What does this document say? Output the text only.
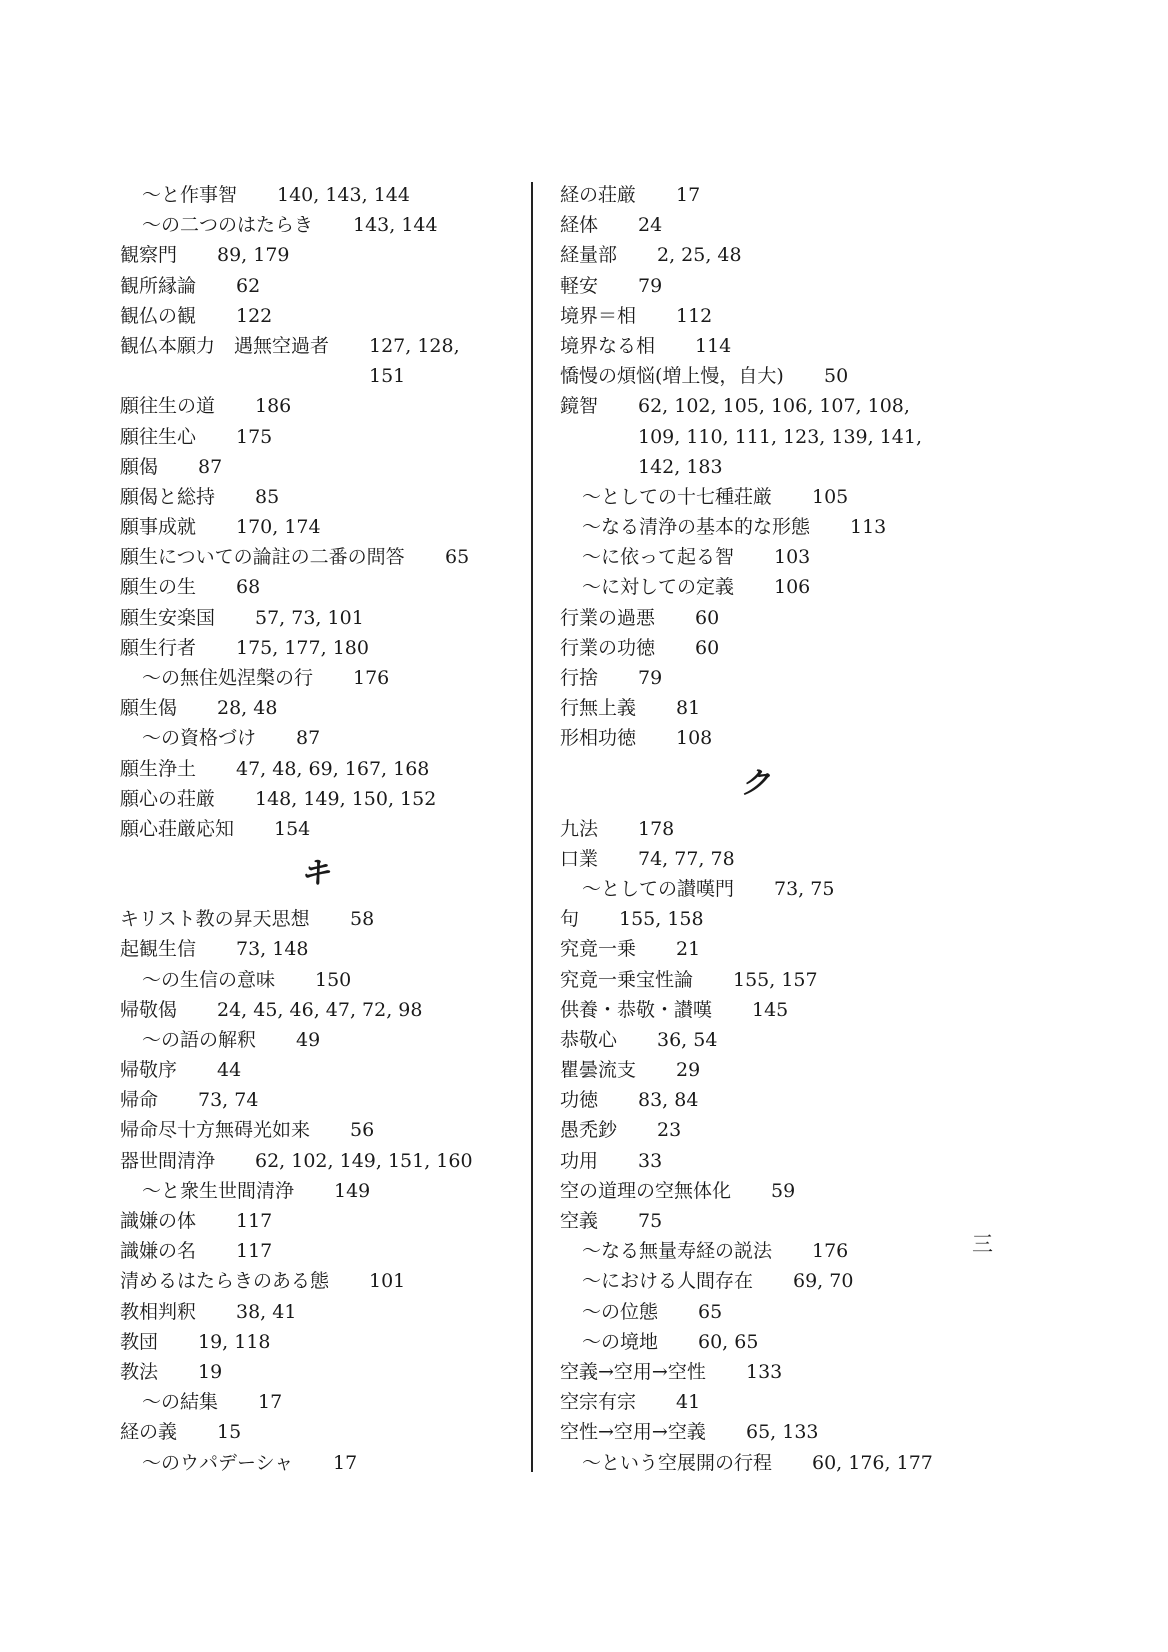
〜と作事智 140, 143, 144
〜の二つのはたらき 143, 144
観察門 89, 179
観所縁論 62
観仏の観 122
観仏本願力　遇無空過者 127, 128,
151
願往生の道 186
願往生心 175
願偈 87
願偈と総持 85
願事成就 170, 174
願生についての論註の二番の問答 65
願生の生 68
願生安楽国 57, 73, 101
願生行者 175, 177, 180
〜の無住処涅槃の行 176
願生偈 28, 48
〜の資格づけ 87
願生浄土 47, 48, 69, 167, 168
願心の荘厳 148, 149, 150, 152
願心荘厳応知 154
キ
キリスト教の昇天思想 58
起観生信 73, 148
〜の生信の意味 150
帰敬偈 24, 45, 46, 47, 72, 98
〜の語の解釈 49
帰敬序 44
帰命 73, 74
帰命尽十方無碍光如来 56
器世間清浄 62, 102, 149, 151, 160
〜と衆生世間清浄 149
識嫌の体 117
識嫌の名 117
清めるはたらきのある態 101
教相判釈 38, 41
教団 19, 118
教法 19
〜の結集 17
経の義 15
〜のウパデーシャ 17
経の荘厳 17
経体 24
経量部 2, 25, 48
軽安 79
境界＝相 112
境界なる相 114
憍慢の煩悩(増上慢，自大) 50
鏡智 62, 102, 105, 106, 107, 108,
109, 110, 111, 123, 139, 141,
142, 183
〜としての十七種荘厳 105
〜なる清浄の基本的な形態 113
〜に依って起る智 103
〜に対しての定義 106
行業の過悪 60
行業の功徳 60
行捨 79
行無上義 81
形相功徳 108
ク
九法 178
口業 74, 77, 78
〜としての讃嘆門 73, 75
句 155, 158
究竟一乗 21
究竟一乗宝性論 155, 157
供養・恭敬・讃嘆 145
恭敬心 36, 54
瞿曇流支 29
功徳 83, 84
愚禿鈔 23
功用 33
空の道理の空無体化 59
空義 75
〜なる無量寿経の説法 176
〜における人間存在 69, 70
〜の位態 65
〜の境地 60, 65
空義→空用→空性 133
空宗有宗 41
空性→空用→空義 65, 133
〜という空展開の行程 60, 176, 177
三
